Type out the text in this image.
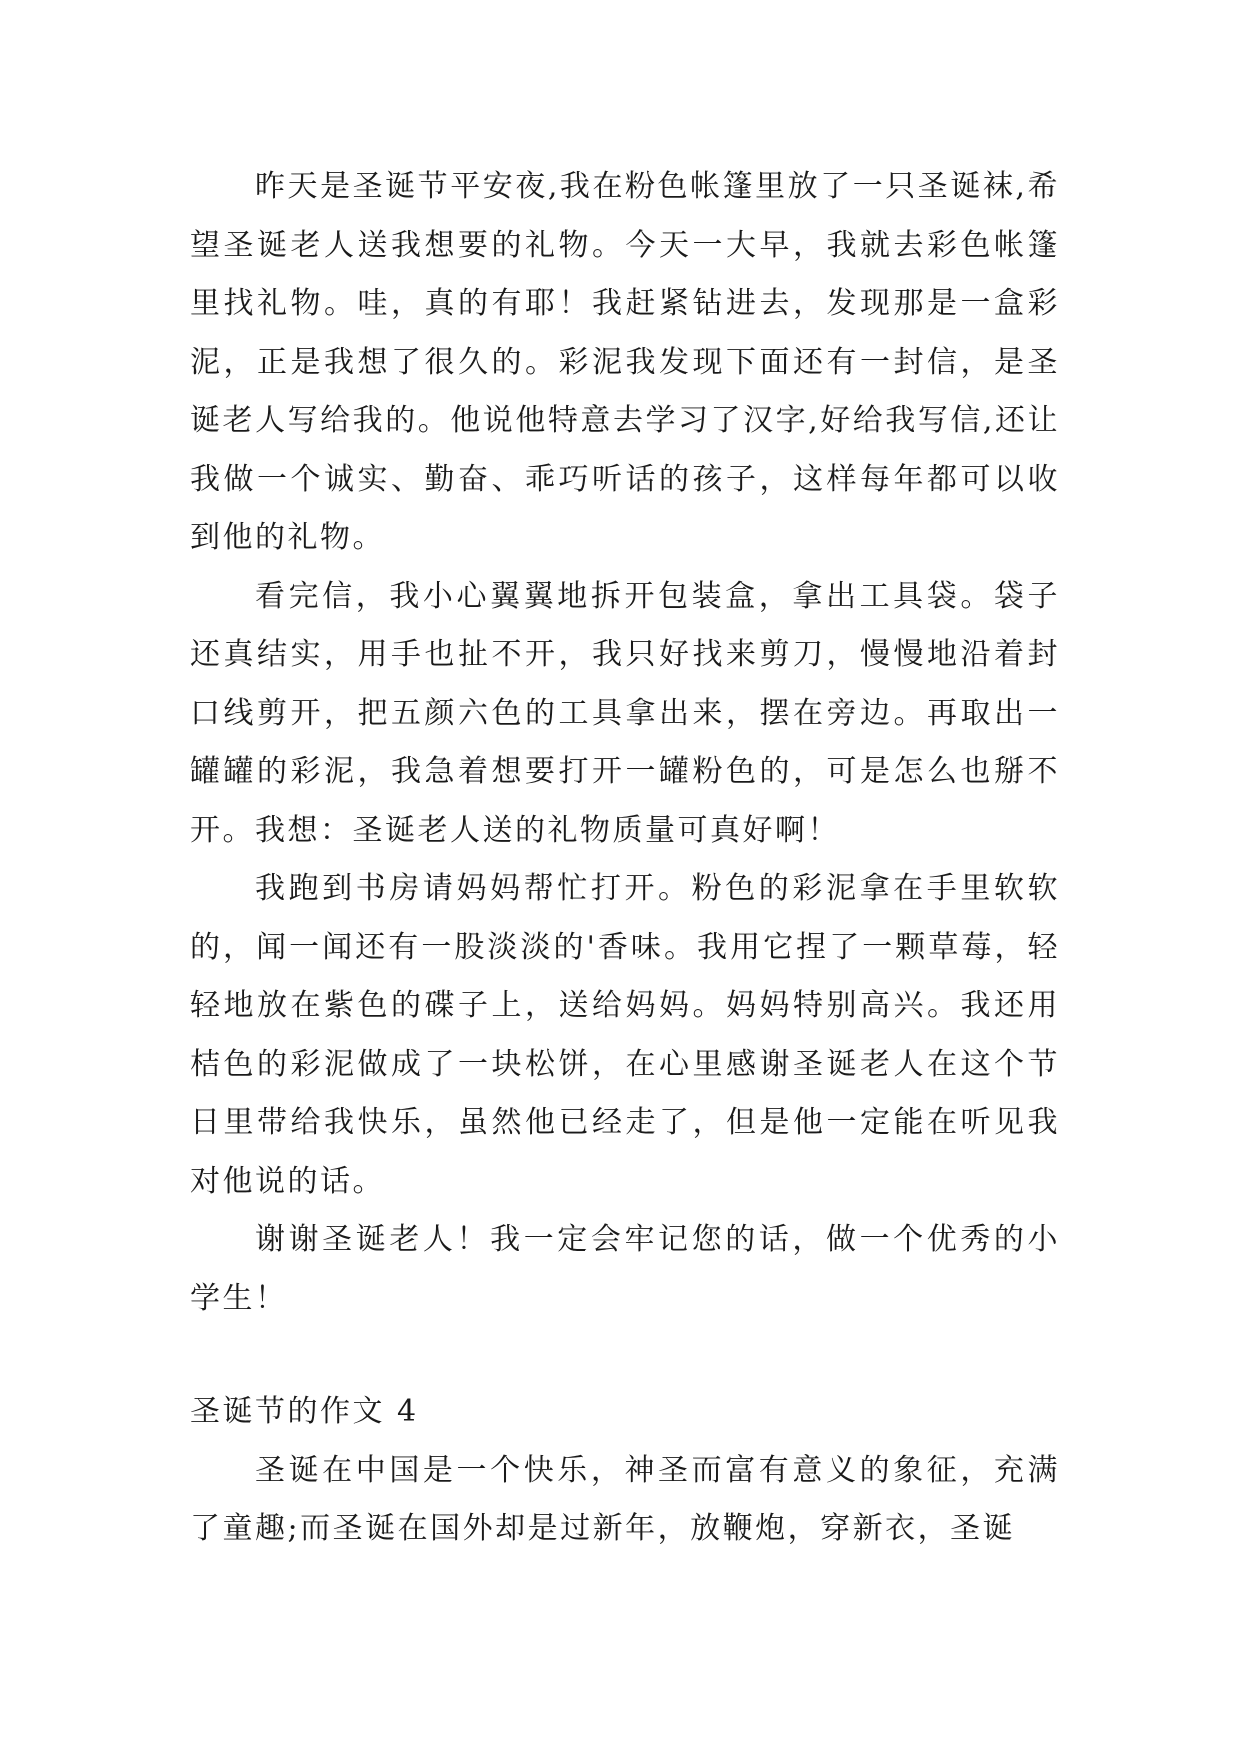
昨天是圣诞节平安夜,我在粉色帐篷里放了一只圣诞袜,希望圣诞老人送我想要的礼物。今天一大早，我就去彩色帐篷里找礼物。哇，真的有耶！我赶紧钻进去，发现那是一盒彩泥，正是我想了很久的。彩泥我发现下面还有一封信，是圣诞老人写给我的。他说他特意去学习了汉字,好给我写信,还让我做一个诚实、勤奋、乖巧听话的孩子，这样每年都可以收到他的礼物。

看完信，我小心翼翼地拆开包装盒，拿出工具袋。袋子还真结实，用手也扯不开，我只好找来剪刀，慢慢地沿着封口线剪开，把五颜六色的工具拿出来，摆在旁边。再取出一罐罐的彩泥，我急着想要打开一罐粉色的，可是怎么也掰不开。我想：圣诞老人送的礼物质量可真好啊！

我跑到书房请妈妈帮忙打开。粉色的彩泥拿在手里软软的，闻一闻还有一股淡淡的'香味。我用它捏了一颗草莓，轻轻地放在紫色的碟子上，送给妈妈。妈妈特别高兴。我还用桔色的彩泥做成了一块松饼，在心里感谢圣诞老人在这个节日里带给我快乐，虽然他已经走了，但是他一定能在听见我对他说的话。

谢谢圣诞老人！我一定会牢记您的话，做一个优秀的小学生！

圣诞节的作文 4

圣诞在中国是一个快乐，神圣而富有意义的象征，充满了童趣;而圣诞在国外却是过新年，放鞭炮，穿新衣，圣诞
